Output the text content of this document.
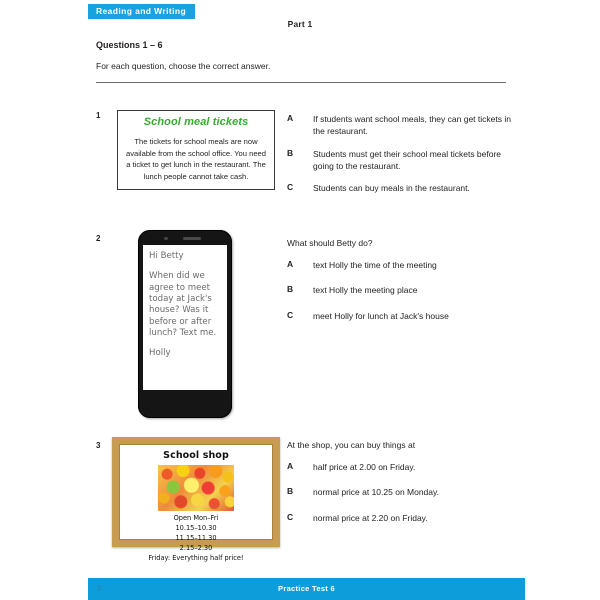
Reading and Writing
Part 1
Questions 1 – 6
For each question, choose the correct answer.
1
School meal tickets
The tickets for school meals are now available from the school office. You need a ticket to get lunch in the restaurant. The lunch people cannot take cash.
A	If students want school meals, they can get tickets in the restaurant.
B	Students must get their school meal tickets before going to the restaurant.
C	Students can buy meals in the restaurant.
2

Hi Betty

When did we agree to meet today at Jack's house? Was it before or after lunch? Text me.

Holly

What should Betty do?
A	text Holly the time of the meeting
B	text Holly the meeting place
C	meet Holly for lunch at Jack's house
3
School shop
Open Mon–Fri
10.15–10.30
11.15–11.30
2.15–2.30
Friday: Everything half price!
At the shop, you can buy things at
A	half price at 2.00 on Friday.
B	normal price at 10.25 on Monday.
C	normal price at 2.20 on Friday.
8	Practice Test 6
